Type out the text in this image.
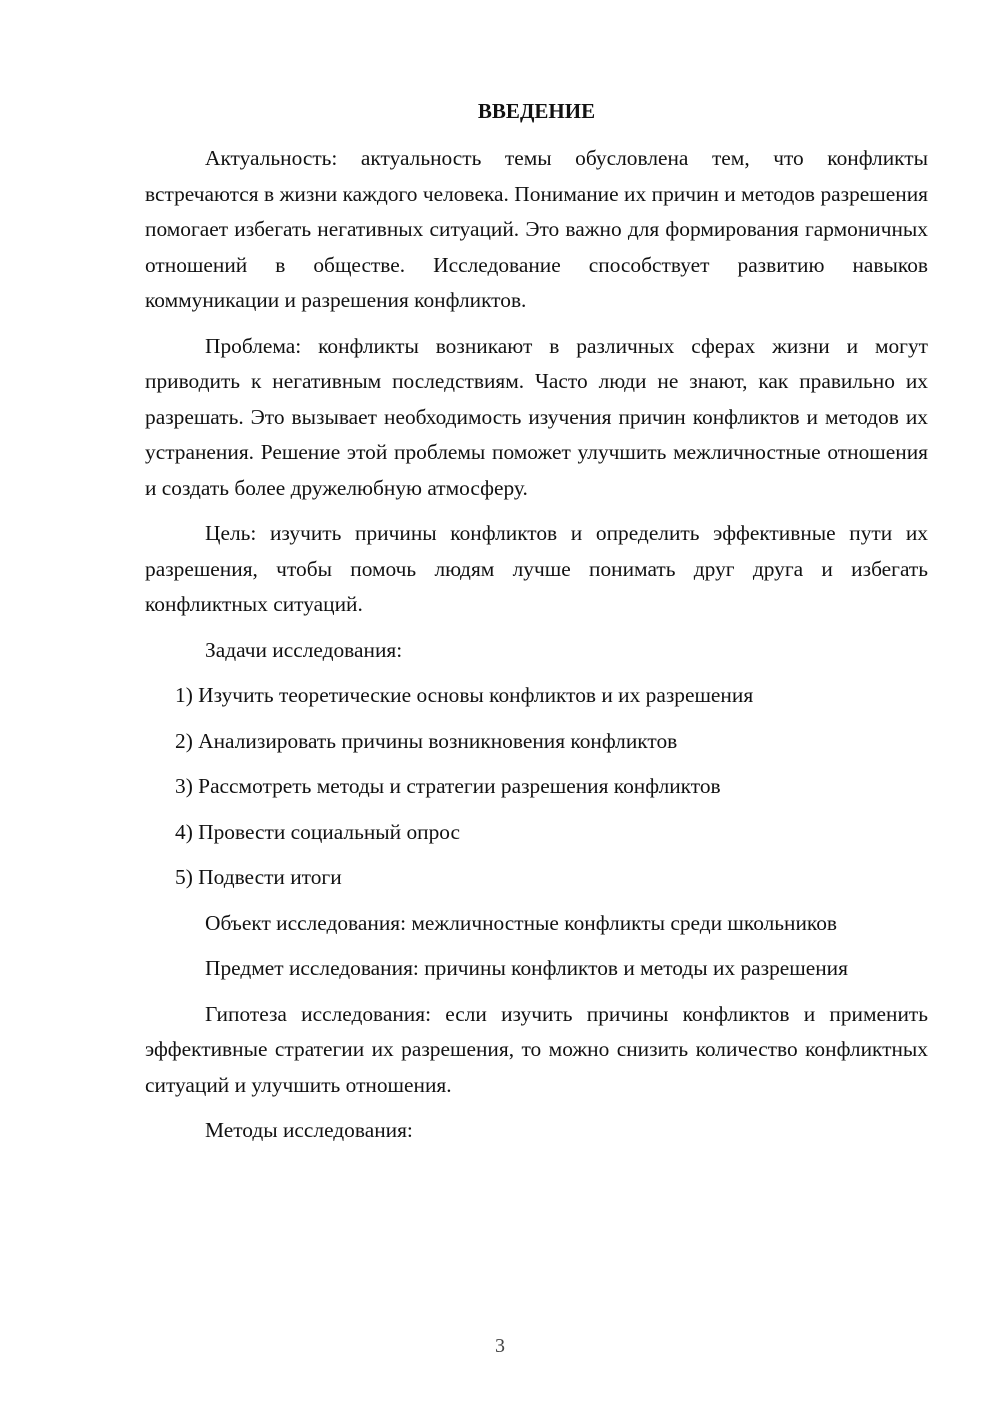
ВВЕДЕНИЕ

Актуальность: актуальность темы обусловлена тем, что конфликты встречаются в жизни каждого человека. Понимание их причин и методов разрешения помогает избегать негативных ситуаций. Это важно для формирования гармоничных отношений в обществе. Исследование способствует развитию навыков коммуникации и разрешения конфликтов.

Проблема: конфликты возникают в различных сферах жизни и могут приводить к негативным последствиям. Часто люди не знают, как правильно их разрешать. Это вызывает необходимость изучения причин конфликтов и методов их устранения. Решение этой проблемы поможет улучшить межличностные отношения и создать более дружелюбную атмосферу.

Цель: изучить причины конфликтов и определить эффективные пути их разрешения, чтобы помочь людям лучше понимать друг друга и избегать конфликтных ситуаций.

Задачи исследования:

1) Изучить теоретические основы конфликтов и их разрешения
2) Анализировать причины возникновения конфликтов
3) Рассмотреть методы и стратегии разрешения конфликтов
4) Провести социальный опрос
5) Подвести итоги

Объект исследования: межличностные конфликты среди школьников

Предмет исследования: причины конфликтов и методы их разрешения

Гипотеза исследования: если изучить причины конфликтов и применить эффективные стратегии их разрешения, то можно снизить количество конфликтных ситуаций и улучшить отношения.

Методы исследования:

3
